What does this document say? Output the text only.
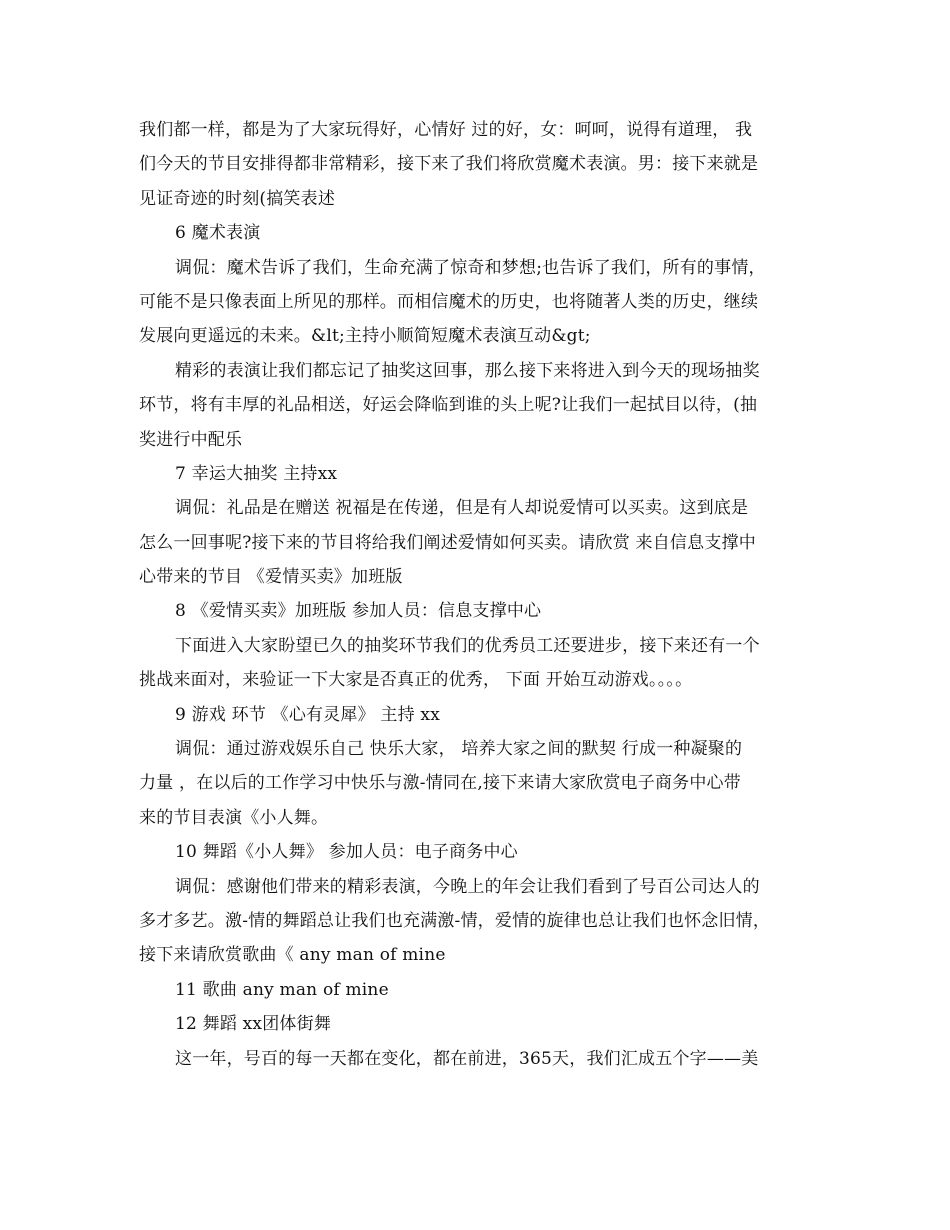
我们都一样，都是为了大家玩得好，心情好 过的好，女：呵呵，说得有道理， 我
们今天的节目安排得都非常精彩，接下来了我们将欣赏魔术表演。男：接下来就是
见证奇迹的时刻(搞笑表述
6 魔术表演
调侃：魔术告诉了我们，生命充满了惊奇和梦想;也告诉了我们，所有的事情，
可能不是只像表面上所见的那样。而相信魔术的历史，也将随著人类的历史，继续
发展向更遥远的未来。&lt;主持小顺简短魔术表演互动&gt;
精彩的表演让我们都忘记了抽奖这回事，那么接下来将进入到今天的现场抽奖
环节，将有丰厚的礼品相送，好运会降临到谁的头上呢?让我们一起拭目以待，(抽
奖进行中配乐
7 幸运大抽奖 主持xx
调侃：礼品是在赠送 祝福是在传递，但是有人却说爱情可以买卖。这到底是
怎么一回事呢?接下来的节目将给我们阐述爱情如何买卖。请欣赏 来自信息支撑中
心带来的节目 《爱情买卖》加班版
8 《爱情买卖》加班版 参加人员：信息支撑中心
下面进入大家盼望已久的抽奖环节我们的优秀员工还要进步，接下来还有一个
挑战来面对，来验证一下大家是否真正的优秀， 下面 开始互动游戏。。。。
9 游戏 环节 《心有灵犀》 主持 xx
调侃：通过游戏娱乐自己 快乐大家， 培养大家之间的默契 行成一种凝聚的
力量 ，在以后的工作学习中快乐与激-情同在,接下来请大家欣赏电子商务中心带
来的节目表演《小人舞。
10 舞蹈《小人舞》 参加人员：电子商务中心
调侃：感谢他们带来的精彩表演，今晚上的年会让我们看到了号百公司达人的
多才多艺。激-情的舞蹈总让我们也充满激-情，爱情的旋律也总让我们也怀念旧情，
接下来请欣赏歌曲《 any man of mine
11 歌曲 any man of mine
12 舞蹈 xx团体街舞
这一年，号百的每一天都在变化，都在前进，365天，我们汇成五个字——美
